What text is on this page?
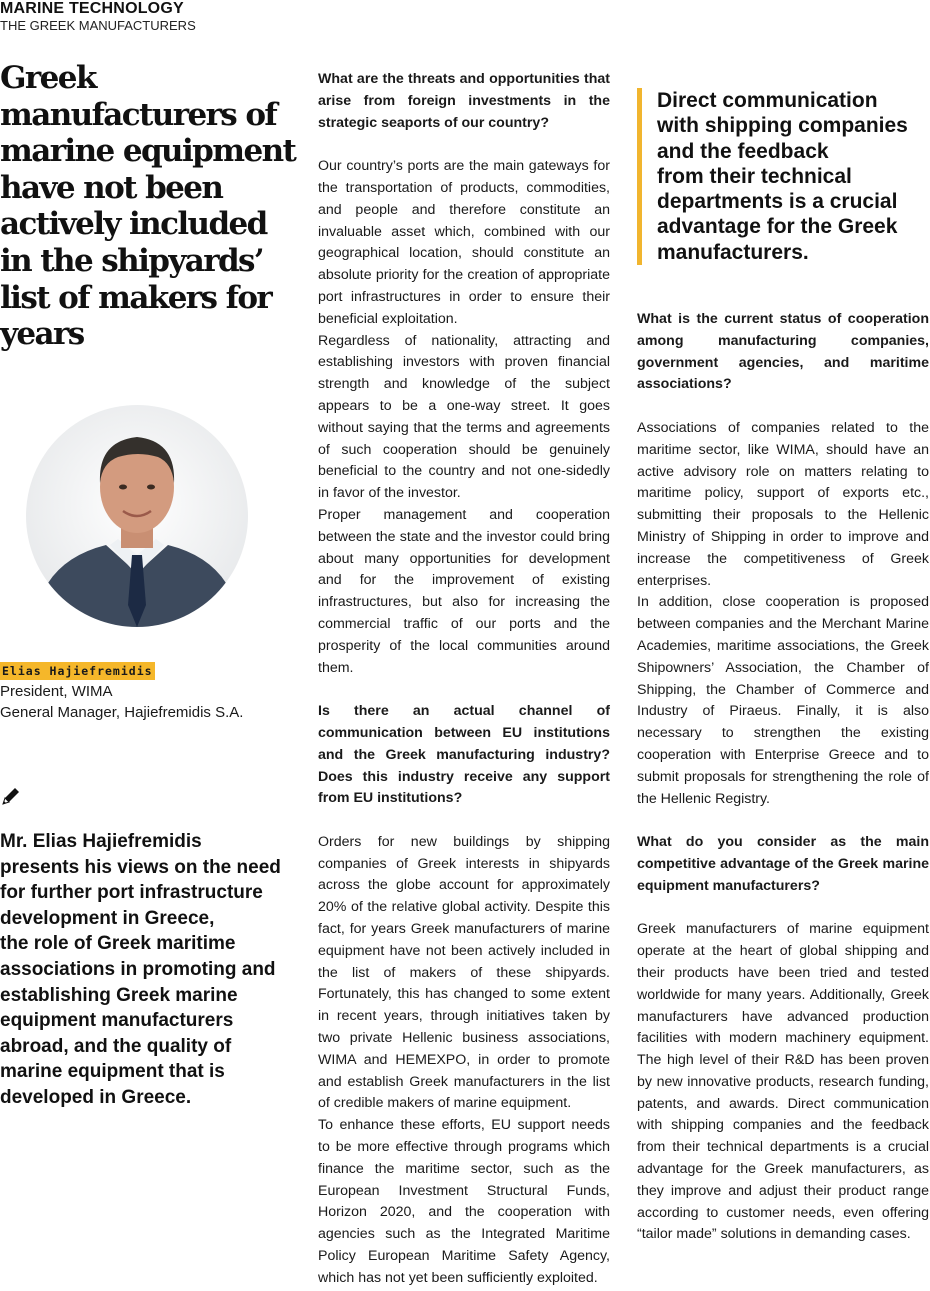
MARINE TECHNOLOGY
THE GREEK MANUFACTURERS
Greek
manufacturers of
marine equipment
have not been
actively included
in the shipyards’
list of makers for
years
Elias Hajiefremidis
President, WIMA
General Manager, Hajiefremidis S.A.

Mr. Elias Hajiefremidis
presents his views on the need
for further port infrastructure
development in Greece,
the role of Greek maritime
associations in promoting and
establishing Greek marine
equipment manufacturers
abroad, and the quality of
marine equipment that is
developed in Greece.

What are the threats and opportunities that arise from foreign investments in the strategic seaports of our country?

Our country’s ports are the main gateways for the transportation of products, commodities, and people and therefore constitute an invaluable asset which, combined with our geographical location, should constitute an absolute priority for the creation of appropriate port infrastructures in order to ensure their beneficial exploitation.

Regardless of nationality, attracting and establishing investors with proven financial strength and knowledge of the subject appears to be a one-way street. It goes without saying that the terms and agreements of such cooperation should be genuinely beneficial to the country and not one-sidedly in favor of the investor.

Proper management and cooperation between the state and the investor could bring about many opportunities for development and for the improvement of existing infrastructures, but also for increasing the commercial traffic of our ports and the prosperity of the local communities around them.

Is there an actual channel of communication between EU institutions and the Greek manufacturing industry? Does this industry receive any support from EU institutions?

Orders for new buildings by shipping companies of Greek interests in shipyards across the globe account for approximately 20% of the relative global activity. Despite this fact, for years Greek manufacturers of marine equipment have not been actively included in the list of makers of these shipyards. Fortunately, this has changed to some extent in recent years, through initiatives taken by two private Hellenic business associations, WIMA and HEMEXPO, in order to promote and establish Greek manufacturers in the list of credible makers of marine equipment.

To enhance these efforts, EU support needs to be more effective through programs which finance the maritime sector, such as the European Investment Structural Funds, Horizon 2020, and the cooperation with agencies such as the Integrated Maritime Policy European Maritime Safety Agency, which has not yet been sufficiently exploited.

Direct communication
with shipping companies
and the feedback
from their technical
departments is a crucial
advantage for the Greek
manufacturers.

What is the current status of cooperation among manufacturing companies, government agencies, and maritime associations?

Associations of companies related to the maritime sector, like WIMA, should have an active advisory role on matters relating to maritime policy, support of exports etc., submitting their proposals to the Hellenic Ministry of Shipping in order to improve and increase the competitiveness of Greek enterprises.

In addition, close cooperation is proposed between companies and the Merchant Marine Academies, maritime associations, the Greek Shipowners’ Association, the Chamber of Shipping, the Chamber of Commerce and Industry of Piraeus. Finally, it is also necessary to strengthen the existing cooperation with Enterprise Greece and to submit proposals for strengthening the role of the Hellenic Registry.

What do you consider as the main competitive advantage of the Greek marine equipment manufacturers?

Greek manufacturers of marine equipment operate at the heart of global shipping and their products have been tried and tested worldwide for many years. Additionally, Greek manufacturers have advanced production facilities with modern machinery equipment. The high level of their R&D has been proven by new innovative products, research funding, patents, and awards. Direct communication with shipping companies and the feedback from their technical departments is a crucial advantage for the Greek manufacturers, as they improve and adjust their product range according to customer needs, even offering “tailor made” solutions in demanding cases.
